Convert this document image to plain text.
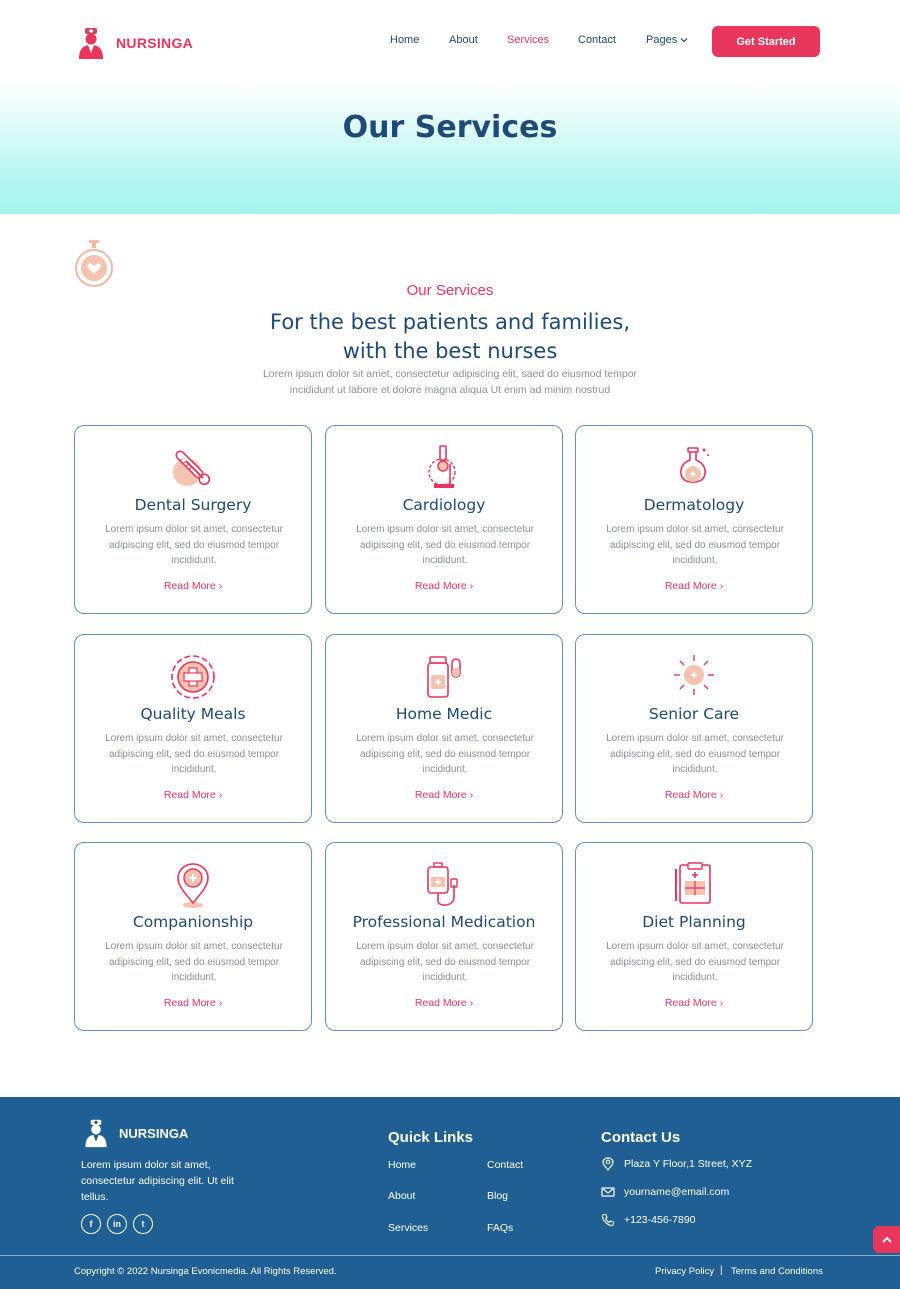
NURSINGA	Home	About	Services	Contact	Pages	Get Started
Our Services
Our Services
For the best patients and families,
with the best nurses
Lorem ipsum dolor sit amet, consectetur adipiscing elit, saed do eiusmod tempor incididunt ut labore et dolore magna aliqua Ut enim ad minim nostrud
Dental Surgery

Lorem ipsum dolor sit amet, consectetur adipiscing elit, sed do eiusmod tempor incididunt.

Read More ›
Cardiology

Lorem ipsum dolor sit amet, consectetur adipiscing elit, sed do eiusmod tempor incididunt.

Read More ›
Dermatology

Lorem ipsum dolor sit amet, consectetur adipiscing elit, sed do eiusmod tempor incididunt.

Read More ›
Quality Meals

Lorem ipsum dolor sit amet, consectetur adipiscing elit, sed do eiusmod tempor incididunt.

Read More ›
Home Medic

Lorem ipsum dolor sit amet, consectetur adipiscing elit, sed do eiusmod tempor incididunt.

Read More ›
Senior Care

Lorem ipsum dolor sit amet, consectetur adipiscing elit, sed do eiusmod tempor incididunt.

Read More ›
Companionship

Lorem ipsum dolor sit amet, consectetur adipiscing elit, sed do eiusmod tempor incididunt.

Read More ›
Professional Medication

Lorem ipsum dolor sit amet, consectetur adipiscing elit, sed do eiusmod tempor incididunt.

Read More ›
Diet Planning

Lorem ipsum dolor sit amet, consectetur adipiscing elit, sed do eiusmod tempor incididunt.

Read More ›
NURSINGA
Lorem ipsum dolor sit amet, consectetur adipiscing elit. Ut elit tellus.
f	in	t
Quick Links
Home	Contact
About	Blog
Services	FAQs
Contact Us
Plaza Y Floor,1 Street, XYZ
yourname@email.com
+123-456-7890
Copyright © 2022 Nursinga Evonicmedia. All Rights Reserved.	Privacy Policy | Terms and Conditions
